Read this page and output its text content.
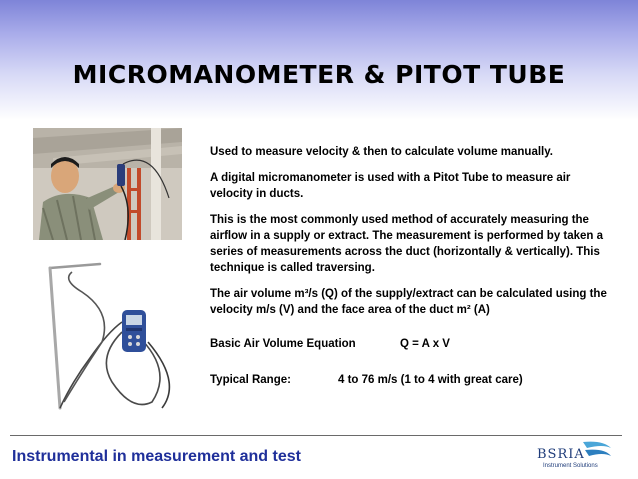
MICROMANOMETER & PITOT TUBE

Used to measure velocity & then to calculate volume manually.

A digital micromanometer is used with a Pitot Tube to measure air velocity in ducts.

This is the most commonly used method of accurately measuring the airflow in a supply or extract. The measurement is performed by taken a series of measurements across the duct (horizontally & vertically). This technique is called traversing.

The air volume m³/s (Q) of the supply/extract can be calculated using the velocity m/s (V) and the face area of the duct m² (A)

Basic Air Volume Equation	Q = A x V
Typical Range:	4 to 76 m/s (1 to 4 with great care)
Instrumental in measurement and test	BSRIA
Instrument Solutions
